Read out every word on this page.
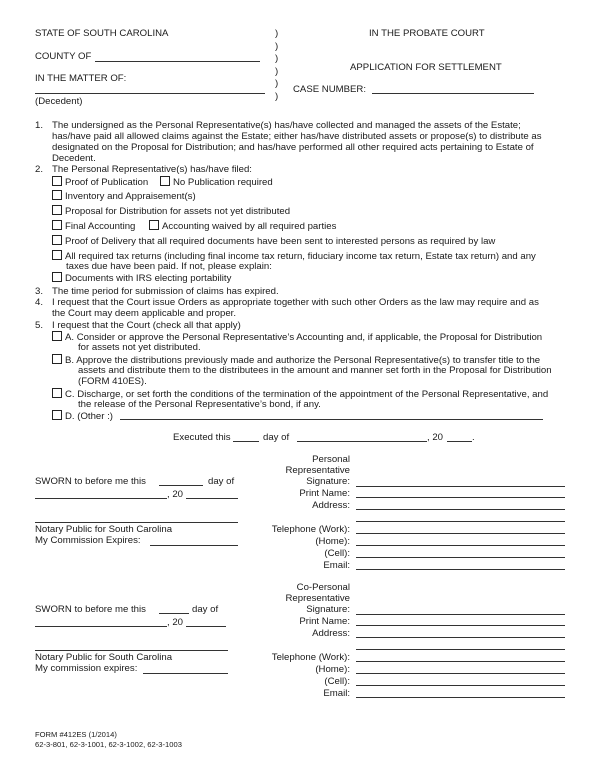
STATE OF SOUTH CAROLINA
COUNTY OF
IN THE MATTER OF:
(Decedent)
)
)
)
)
)
)
IN THE PROBATE COURT
APPLICATION FOR SETTLEMENT
CASE NUMBER:
1. The undersigned as the Personal Representative(s) has/have collected and managed the assets of the Estate;
has/have paid all allowed claims against the Estate; either has/have distributed assets or propose(s) to distribute as
designated on the Proposal for Distribution; and has/have performed all other required acts pertaining to Estate of
Decedent.
2. The Personal Representative(s) has/have filed:
Proof of Publication	No Publication required
Inventory and Appraisement(s)
Proposal for Distribution for assets not yet distributed
Final Accounting	Accounting waived by all required parties
Proof of Delivery that all required documents have been sent to interested persons as required by law
All required tax returns (including final income tax return, fiduciary income tax return, Estate tax return) and any
taxes due have been paid. If not, please explain:
Documents with IRS electing portability
3. The time period for submission of claims has expired.
4. I request that the Court issue Orders as appropriate together with such other Orders as the law may require and as
the Court may deem applicable and proper.
5. I request that the Court (check all that apply)
A. Consider or approve the Personal Representative’s Accounting and, if applicable, the Proposal for Distribution
for assets not yet distributed.
B. Approve the distributions previously made and authorize the Personal Representative(s) to transfer title to the
assets and distribute them to the distributees in the amount and manner set forth in the Proposal for Distribution
(FORM 410ES).
C. Discharge, or set forth the conditions of the termination of the appointment of the Personal Representative, and
the release of the Personal Representative’s bond, if any.
D. (Other :)
Executed this	day of	, 20	.
SWORN to before me this	day of
, 20
Notary Public for South Carolina
My Commission Expires:
Personal
Representative
Signature:
Print Name:
Address:
Telephone (Work):
(Home):
(Cell):
Email:
SWORN to before me this	day of
, 20
Notary Public for South Carolina
My commission expires:
Co-Personal
Representative
Signature:
Print Name:
Address:
Telephone (Work):
(Home):
(Cell):
Email:
FORM #412ES (1/2014)
62-3-801, 62-3-1001, 62-3-1002, 62-3-1003
